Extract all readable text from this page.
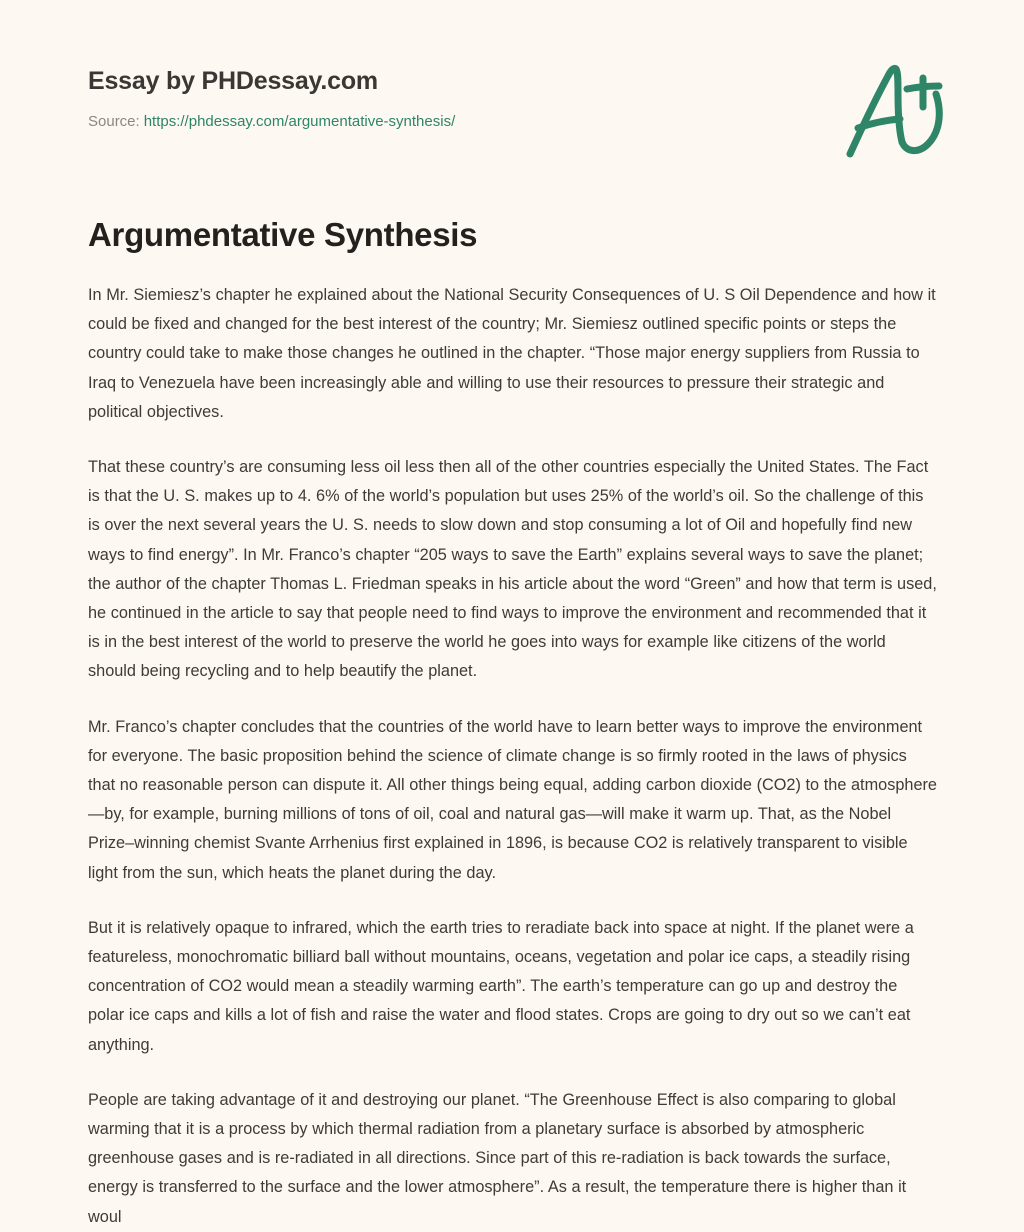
Essay by PHDessay.com
Source: https://phdessay.com/argumentative-synthesis/
Argumentative Synthesis

In Mr. Siemiesz’s chapter he explained about the National Security Consequences of U. S Oil Dependence and how it could be fixed and changed for the best interest of the country; Mr. Siemiesz outlined specific points or steps the country could take to make those changes he outlined in the chapter. “Those major energy suppliers from Russia to Iraq to Venezuela have been increasingly able and willing to use their resources to pressure their strategic and political objectives.

That these country’s are consuming less oil less then all of the other countries especially the United States. The Fact is that the U. S. makes up to 4. 6% of the world’s population but uses 25% of the world’s oil. So the challenge of this is over the next several years the U. S. needs to slow down and stop consuming a lot of Oil and hopefully find new ways to find energy”. In Mr. Franco’s chapter “205 ways to save the Earth” explains several ways to save the planet; the author of the chapter Thomas L. Friedman speaks in his article about the word “Green” and how that term is used, he continued in the article to say that people need to find ways to improve the environment and recommended that it is in the best interest of the world to preserve the world he goes into ways for example like citizens of the world should being recycling and to help beautify the planet.

Mr. Franco’s chapter concludes that the countries of the world have to learn better ways to improve the environment for everyone. The basic proposition behind the science of climate change is so firmly rooted in the laws of physics that no reasonable person can dispute it. All other things being equal, adding carbon dioxide (CO2) to the atmosphere—by, for example, burning millions of tons of oil, coal and natural gas—will make it warm up. That, as the Nobel Prize–winning chemist Svante Arrhenius first explained in 1896, is because CO2 is relatively transparent to visible light from the sun, which heats the planet during the day.

But it is relatively opaque to infrared, which the earth tries to reradiate back into space at night. If the planet were a featureless, monochromatic billiard ball without mountains, oceans, vegetation and polar ice caps, a steadily rising concentration of CO2 would mean a steadily warming earth”. The earth’s temperature can go up and destroy the polar ice caps and kills a lot of fish and raise the water and flood states. Crops are going to dry out so we can’t eat anything.

People are taking advantage of it and destroying our planet. “The Greenhouse Effect is also comparing to global warming that it is a process by which thermal radiation from a planetary surface is absorbed by atmospheric greenhouse gases and is re-radiated in all directions. Since part of this re-radiation is back towards the surface, energy is transferred to the surface and the lower atmosphere”. As a result, the temperature there is higher than it woul
